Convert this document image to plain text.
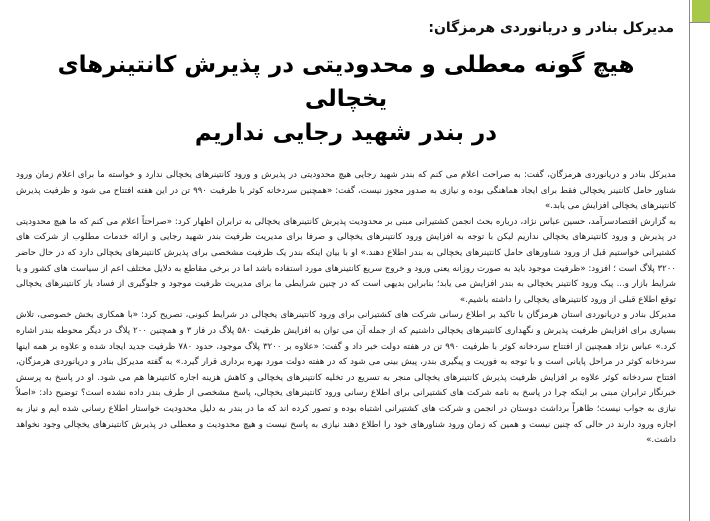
مدیرکل بنادر و دریانوردی هرمزگان:
هیچ گونه معطلی و محدودیتی در پذیرش کانتینرهای یخچالی
در بندر شهید رجایی نداریم

مدیرکل بنادر و دریانوردی هرمزگان، گفت: به صراحت اعلام می کنم که بندر شهید رجایی هیچ محدودیتی در پذیرش و ورود کانتینرهای یخچالی ندارد و خواسته ما برای اعلام زمان ورود شناور حامل کانتینر یخچالی فقط برای ایجاد هماهنگی بوده و نیازی به صدور مجوز نیست، گفت: «همچنین سردخانه کوثر با ظرفیت ۹۹۰ تن در این هفته افتتاح می شود و ظرفیت پذیرش کانتینرهای یخچالی افزایش می یابد.»

به گزارش اقتصادسرآمد، حسین عباس نژاد، درباره بحث انجمن کشتیرانی مبنی بر محدودیت پذیرش کانتینرهای یخچالی به ترابران اظهار کرد: «صراحتاً اعلام می کنم که ما هیچ محدودیتی در پذیرش و ورود کانتینرهای یخچالی نداریم لیکن با توجه به افزایش ورود کانتینرهای یخچالی و صرفا برای مدیریت ظرفیت بندر شهید رجایی و ارائه خدمات مطلوب از شرکت های کشتیرانی خواستیم قبل از ورود شناورهای حامل کانتینرهای یخچالی به بندر اطلاع دهند.» او با بیان اینکه بندر یک ظرفیت مشخصی برای پذیرش کانتینرهای یخچالی دارد که در حال حاضر ۳۲۰۰ پلاگ است ؛ افزود: «ظرفیت موجود باید به صورت روزانه یعنی ورود و خروج سریع کانتینرهای مورد استفاده باشد اما در برخی مقاطع به دلایل مختلف اعم از سیاست های کشور و یا شرایط بازار و... پیک ورود کانتینر یخچالی به بندر افزایش می یابد؛ بنابراین بدیهی است که در چنین شرایطی ما برای مدیریت ظرفیت موجود و جلوگیری از فساد بار کانتینرهای یخچالی توقع اطلاع قبلی از ورود کانتینرهای یخچالی را داشته باشیم.»

مدیرکل بنادر و دریانوردی استان هرمزگان با تاکید بر اطلاع رسانی شرکت های کشتیرانی برای ورود کانتینرهای یخچالی در شرایط کنونی، تصریح کرد: «با همکاری بخش خصوصی، تلاش بسیاری برای افزایش ظرفیت پذیرش و نگهداری کانتینرهای یخچالی داشتیم که از جمله آن می توان به افزایش ظرفیت ۵۸۰ پلاگ در فاز ۳ و همچنین ۲۰۰ پلاگ در دیگر محوطه بندر اشاره کرد.» عباس نژاد همچنین از افتتاح سردخانه کوثر با ظرفیت ۹۹۰ تن در هفته دولت خبر داد و گفت: «علاوه بر ۳۲۰۰ پلاگ موجود، حدود ۷۸۰ ظرفیت جدید ایجاد شده و علاوه بر همه اینها سردخانه کوثر در مراحل پایانی است و با توجه به فوریت و پیگیری بندر، پیش بینی می شود که در هفته دولت مورد بهره برداری قرار گیرد.» به گفته مدیرکل بنادر و دریانوردی هرمزگان، افتتاح سردخانه کوثر علاوه بر افزایش ظرفیت پذیرش کانتینرهای یخچالی منجر به تسریع در تخلیه کانتینرهای یخچالی و کاهش هزینه اجاره کانتینرها هم می شود. او در پاسخ به پرسش خبرنگار ترابران مبنی بر اینکه چرا در پاسخ به نامه شرکت های کشتیرانی برای اطلاع رسانی ورود کانتینرهای یخچالی، پاسخ مشخصی از طرف بندر داده نشده است؟ توضیح داد: «اصلاً نیازی به جواب نیست؛ ظاهراً برداشت دوستان در انجمن و شرکت های کشتیرانی اشتباه بوده و تصور کرده اند که ما در بندر به دلیل محدودیت خواستار اطلاع رسانی شده ایم و نیاز به اجازه ورود دارند در حالی که چنین نیست و همین که زمان ورود شناورهای خود را اطلاع دهند نیازی به پاسخ نیست و هیچ محدودیت و معطلی در پذیرش کانتینرهای یخچالی وجود نخواهد داشت.»
